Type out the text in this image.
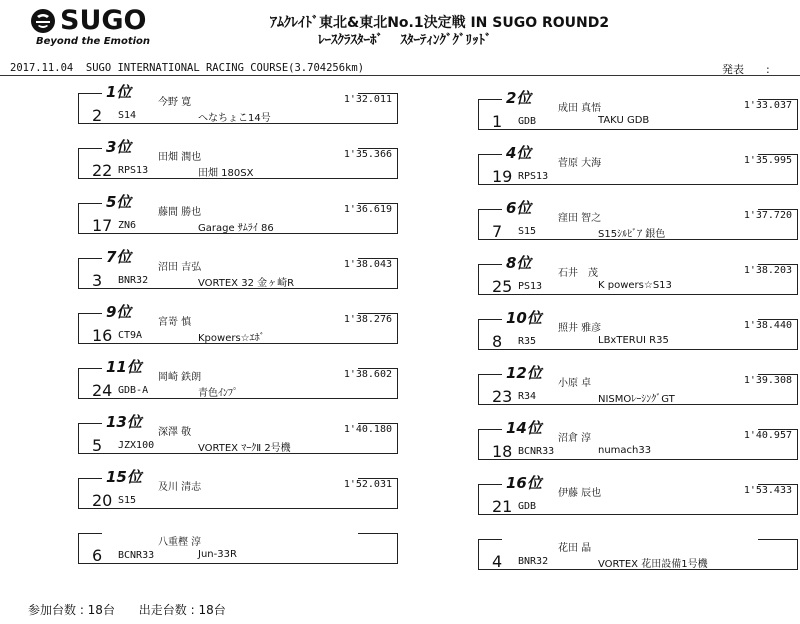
SUGO
Beyond the Emotion
ｱﾑｸﾚｲﾄﾞ東北&東北No.1決定戦 IN SUGO ROUND2
ﾚｰｽｸﾗｽﾀｰﾎﾞ　 ｽﾀｰﾃｨﾝｸﾞｸﾞﾘｯﾄﾞ
2017.11.04 SUGO INTERNATIONAL RACING COURSE(3.704256km)	発表　　:
1位
今野 寛	1'32.011
2 S14	へなちょこ14号
2位
成田 真悟	1'33.037
1 GDB	TAKU GDB
3位
田畑 潤也	1'35.366
22 RPS13	田畑 180SX
4位
菅原 大海	1'35.995
19 RPS13
5位
藤間 勝也	1'36.619
17 ZN6	Garage ｻﾑﾗｲ 86
6位
窪田 智之	1'37.720
7 S15	S15ｼﾙﾋﾞｱ 銀色
7位
沼田 吉弘	1'38.043
3 BNR32	VORTEX 32 金ヶ崎R
8位
石井　茂	1'38.203
25 PS13	K powers☆S13
9位
宮嵜 慎	1'38.276
16 CT9A	Kpowers☆ｴﾎﾞ
10位
照井 雅彦	1'38.440
8 R35	LBxTERUI R35
11位
岡崎 鉄朗	1'38.602
24 GDB-A	青色ｲﾝﾌﾟ
12位
小原 卓	1'39.308
23 R34	NISMOﾚｰｼﾝｸﾞGT
13位
深澤 敬	1'40.180
5 JZX100	VORTEX ﾏｰｸⅡ 2号機
14位
沼倉 淳	1'40.957
18 BCNR33	numach33
15位
及川 清志	1'52.031
20 S15
16位
伊藤 辰也	1'53.433
21 GDB
八重樫 淳
6 BCNR33	Jun-33R
花田 晶
4 BNR32	VORTEX 花田設備1号機
参加台数 : 18台 出走台数 : 18台
